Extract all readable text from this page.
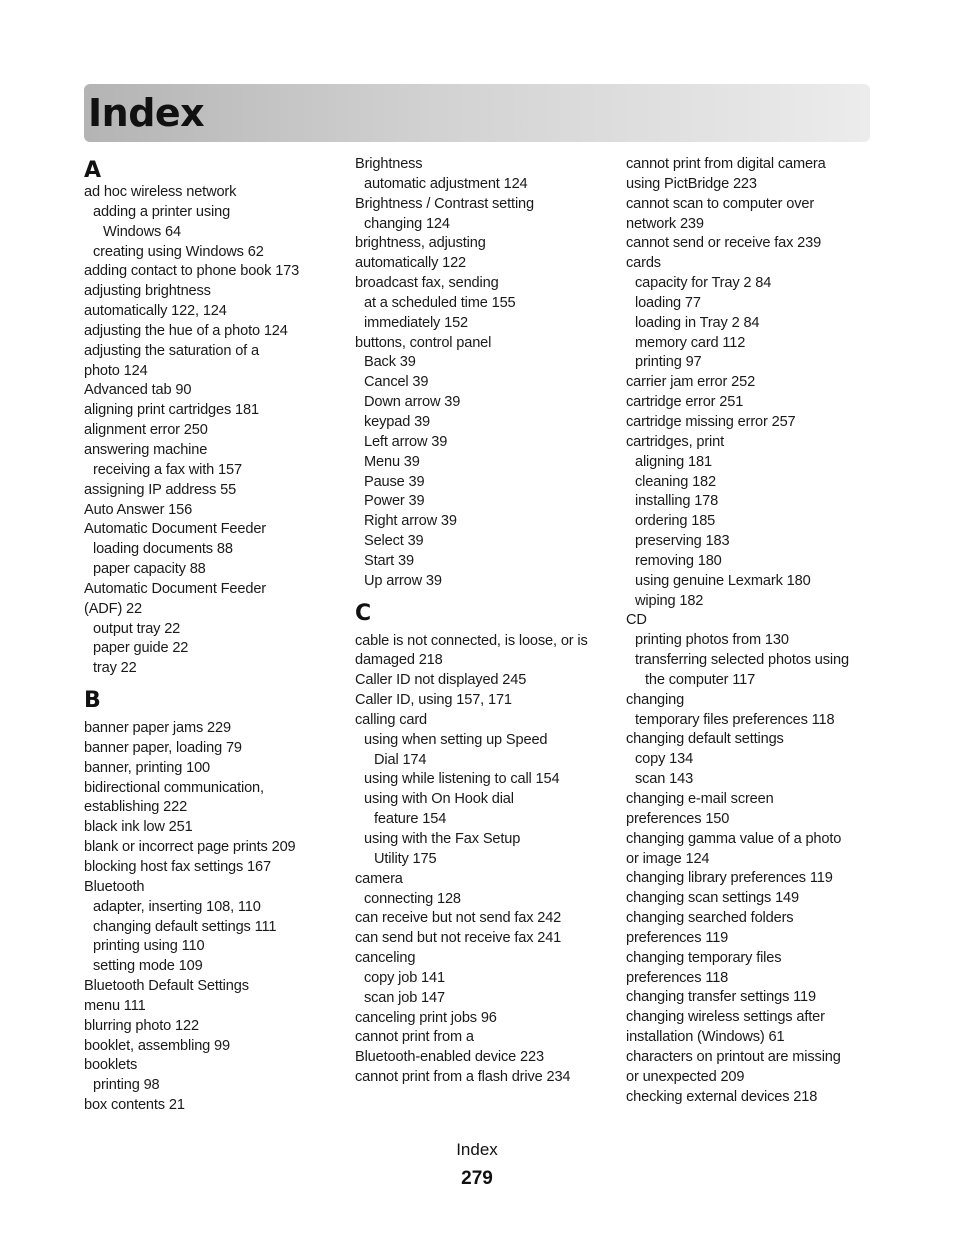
Index
A
ad hoc wireless network
adding a printer using
Windows 64
creating using Windows 62
adding contact to phone book 173
adjusting brightness
automatically 122, 124
adjusting the hue of a photo 124
adjusting the saturation of a
photo 124
Advanced tab 90
aligning print cartridges 181
alignment error 250
answering machine
receiving a fax with 157
assigning IP address 55
Auto Answer 156
Automatic Document Feeder
loading documents 88
paper capacity 88
Automatic Document Feeder
(ADF) 22
output tray 22
paper guide 22
tray 22
B
banner paper jams 229
banner paper, loading 79
banner, printing 100
bidirectional communication,
establishing 222
black ink low 251
blank or incorrect page prints 209
blocking host fax settings 167
Bluetooth
adapter, inserting 108, 110
changing default settings 111
printing using 110
setting mode 109
Bluetooth Default Settings
menu 111
blurring photo 122
booklet, assembling 99
booklets
printing 98
box contents 21
Brightness
automatic adjustment 124
Brightness / Contrast setting
changing 124
brightness, adjusting
automatically 122
broadcast fax, sending
at a scheduled time 155
immediately 152
buttons, control panel
Back 39
Cancel 39
Down arrow 39
keypad 39
Left arrow 39
Menu 39
Pause 39
Power 39
Right arrow 39
Select 39
Start 39
Up arrow 39
C
cable is not connected, is loose, or is
damaged 218
Caller ID not displayed 245
Caller ID, using 157, 171
calling card
using when setting up Speed
Dial 174
using while listening to call 154
using with On Hook dial
feature 154
using with the Fax Setup
Utility 175
camera
connecting 128
can receive but not send fax 242
can send but not receive fax 241
canceling
copy job 141
scan job 147
canceling print jobs 96
cannot print from a
Bluetooth-enabled device 223
cannot print from a flash drive 234
cannot print from digital camera
using PictBridge 223
cannot scan to computer over
network 239
cannot send or receive fax 239
cards
capacity for Tray 2 84
loading 77
loading in Tray 2 84
memory card 112
printing 97
carrier jam error 252
cartridge error 251
cartridge missing error 257
cartridges, print
aligning 181
cleaning 182
installing 178
ordering 185
preserving 183
removing 180
using genuine Lexmark 180
wiping 182
CD
printing photos from 130
transferring selected photos using
the computer 117
changing
temporary files preferences 118
changing default settings
copy 134
scan 143
changing e-mail screen
preferences 150
changing gamma value of a photo
or image 124
changing library preferences 119
changing scan settings 149
changing searched folders
preferences 119
changing temporary files
preferences 118
changing transfer settings 119
changing wireless settings after
installation (Windows) 61
characters on printout are missing
or unexpected 209
checking external devices 218
Index
279
